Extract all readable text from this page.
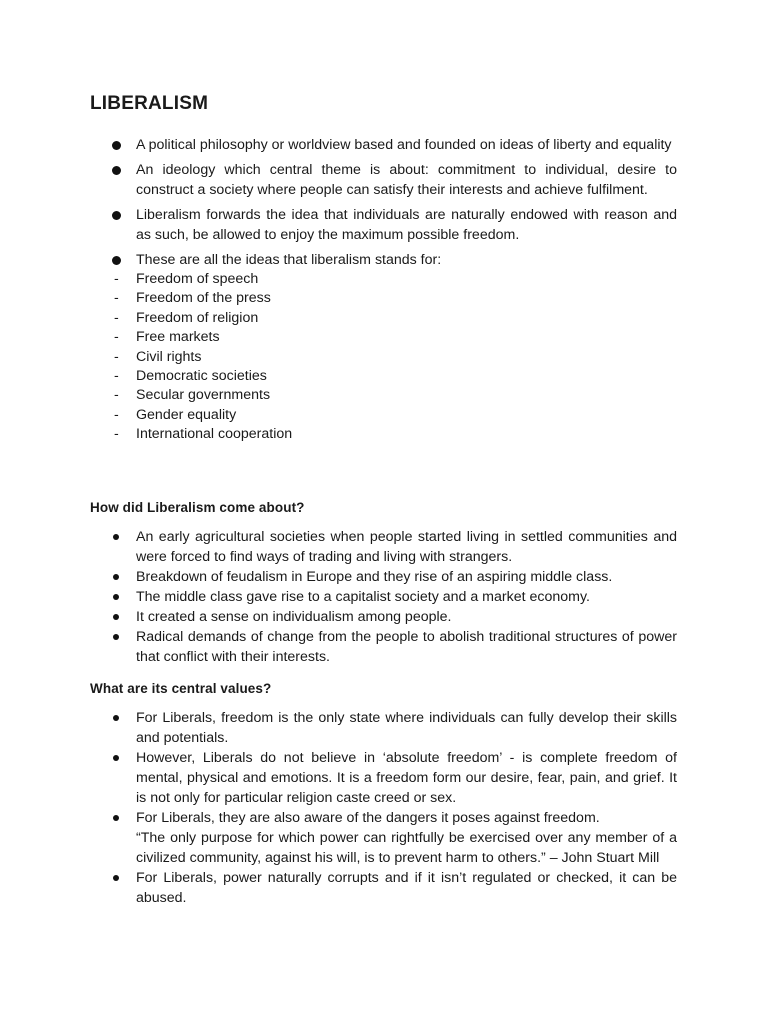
LIBERALISM
A political philosophy or worldview based and founded on ideas of liberty and equality
An ideology which central theme is about: commitment to individual, desire to construct a society where people can satisfy their interests and achieve fulfilment.
Liberalism forwards the idea that individuals are naturally endowed with reason and as such, be allowed to enjoy the maximum possible freedom.
These are all the ideas that liberalism stands for:
- Freedom of speech
- Freedom of the press
- Freedom of religion
- Free markets
- Civil rights
- Democratic societies
- Secular governments
- Gender equality
- International cooperation
How did Liberalism come about?
An early agricultural societies when people started living in settled communities and were forced to find ways of trading and living with strangers.
Breakdown of feudalism in Europe and they rise of an aspiring middle class.
The middle class gave rise to a capitalist society and a market economy.
It created a sense on individualism among people.
Radical demands of change from the people to abolish traditional structures of power that conflict with their interests.
What are its central values?
For Liberals, freedom is the only state where individuals can fully develop their skills and potentials.
However, Liberals do not believe in ‘absolute freedom’ - is complete freedom of mental, physical and emotions. It is a freedom form our desire, fear, pain, and grief. It is not only for particular religion caste creed or sex.
For Liberals, they are also aware of the dangers it poses against freedom.
“The only purpose for which power can rightfully be exercised over any member of a civilized community, against his will, is to prevent harm to others.” – John Stuart Mill
For Liberals, power naturally corrupts and if it isn’t regulated or checked, it can be abused.
